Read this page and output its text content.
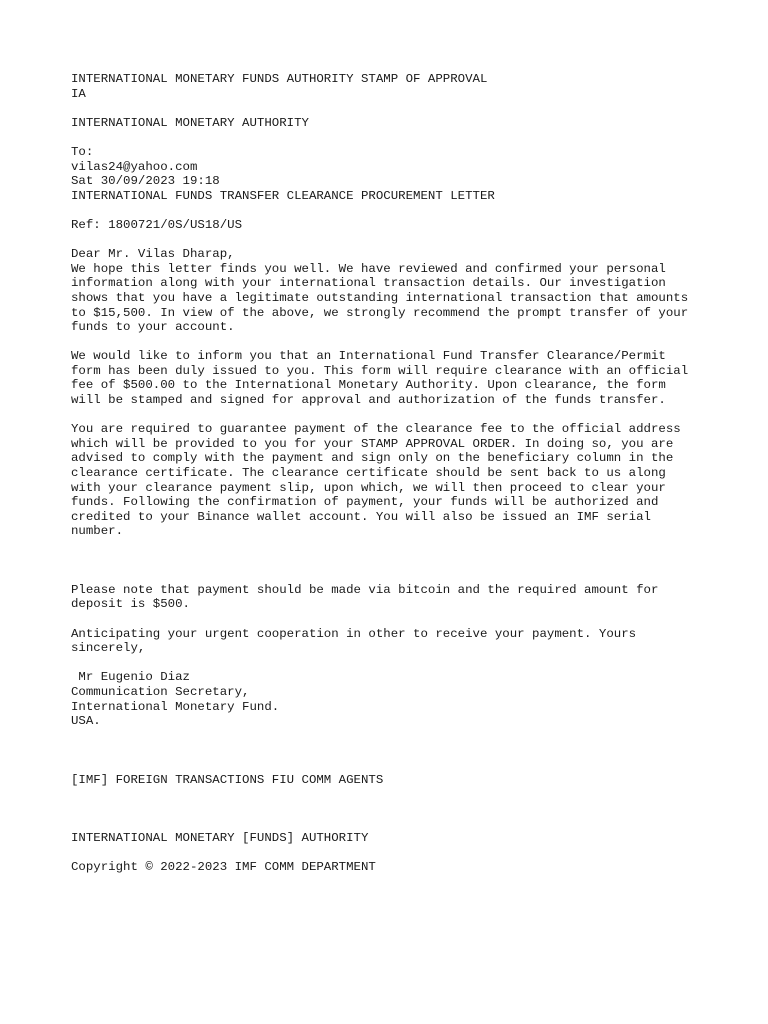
INTERNATIONAL MONETARY FUNDS AUTHORITY STAMP OF APPROVAL
IA
INTERNATIONAL MONETARY AUTHORITY
To:
vilas24@yahoo.com
Sat 30/09/2023 19:18
INTERNATIONAL FUNDS TRANSFER CLEARANCE PROCUREMENT LETTER
Ref: 1800721/0S/US18/US
Dear Mr. Vilas Dharap,
We hope this letter finds you well. We have reviewed and confirmed your personal
information along with your international transaction details. Our investigation
shows that you have a legitimate outstanding international transaction that amounts
to $15,500. In view of the above, we strongly recommend the prompt transfer of your
funds to your account.
We would like to inform you that an International Fund Transfer Clearance/Permit
form has been duly issued to you. This form will require clearance with an official
fee of $500.00 to the International Monetary Authority. Upon clearance, the form
will be stamped and signed for approval and authorization of the funds transfer.
You are required to guarantee payment of the clearance fee to the official address
which will be provided to you for your STAMP APPROVAL ORDER. In doing so, you are
advised to comply with the payment and sign only on the beneficiary column in the
clearance certificate. The clearance certificate should be sent back to us along
with your clearance payment slip, upon which, we will then proceed to clear your
funds. Following the confirmation of payment, your funds will be authorized and
credited to your Binance wallet account. You will also be issued an IMF serial
number.
Please note that payment should be made via bitcoin and the required amount for
deposit is $500.
Anticipating your urgent cooperation in other to receive your payment. Yours
sincerely,
Mr Eugenio Diaz
Communication Secretary,
International Monetary Fund.
USA.
[IMF] FOREIGN TRANSACTIONS FIU COMM AGENTS
INTERNATIONAL MONETARY [FUNDS] AUTHORITY
Copyright © 2022-2023 IMF COMM DEPARTMENT
